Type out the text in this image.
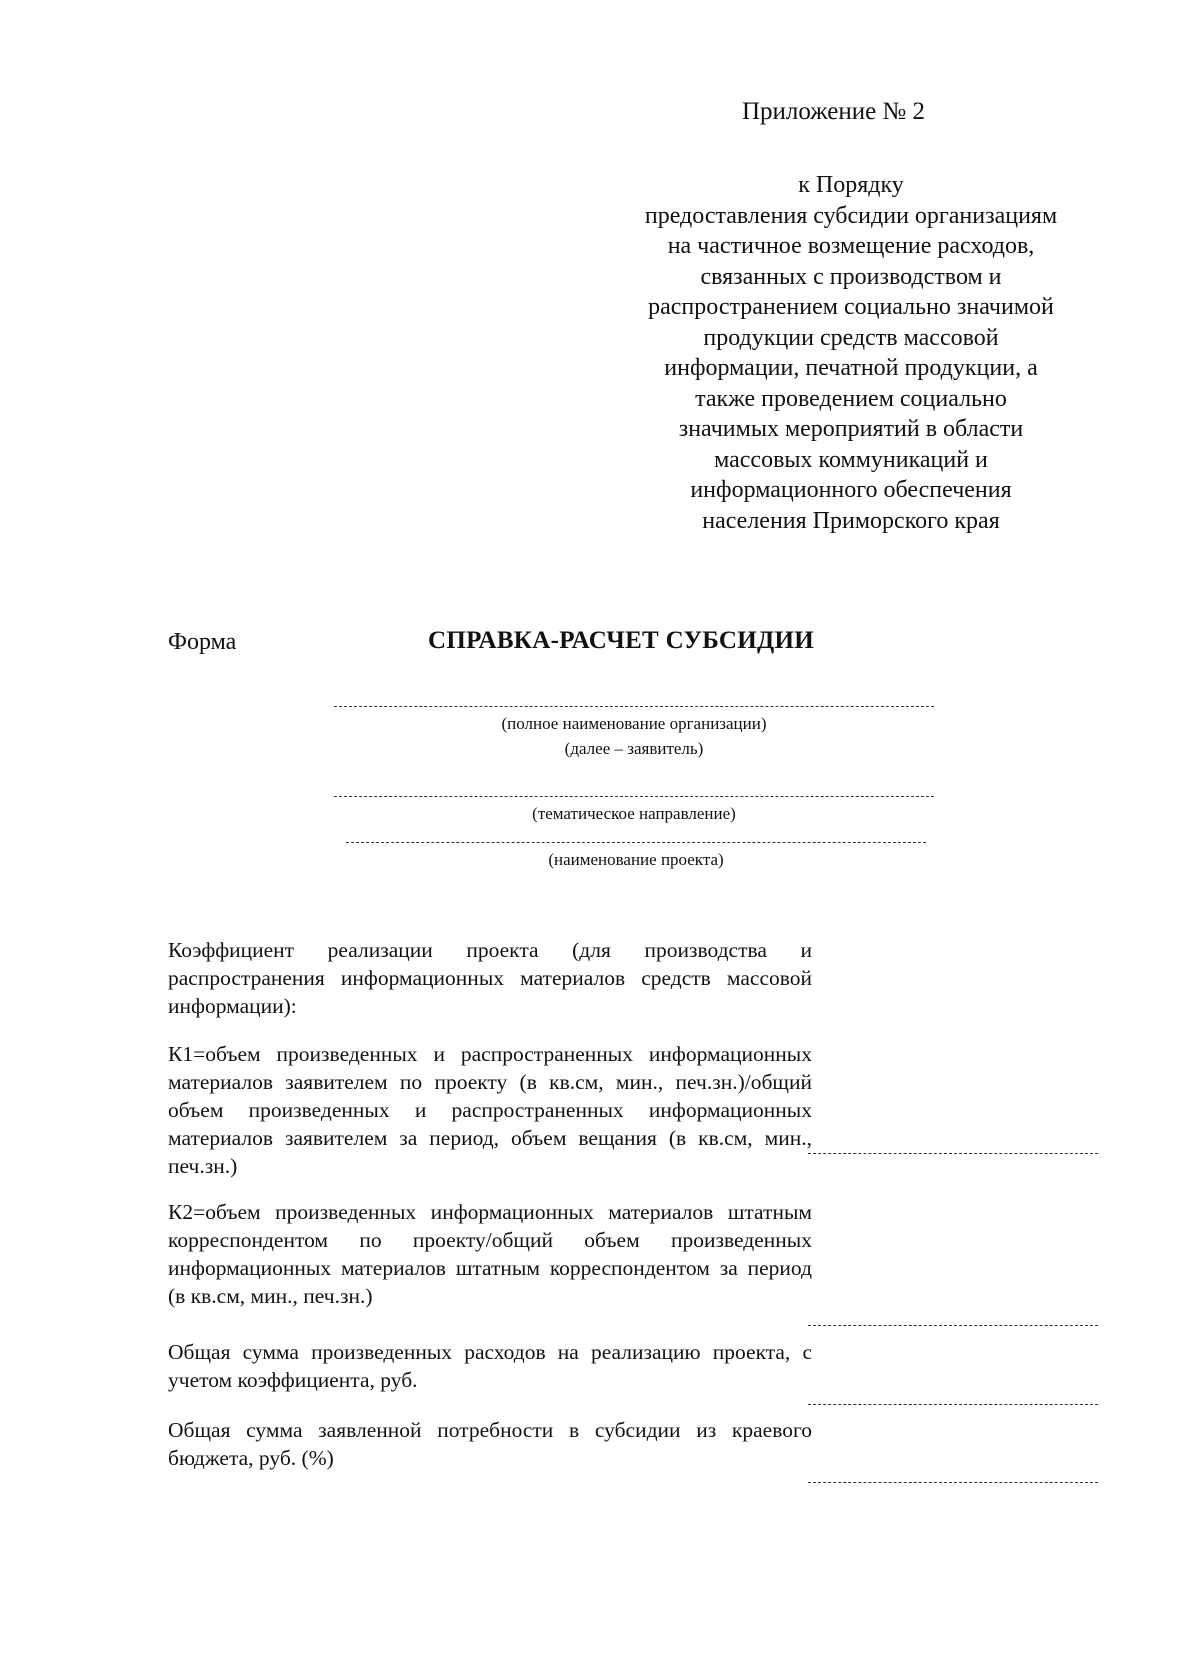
Приложение № 2
к Порядку
предоставления субсидии организациям
на частичное возмещение расходов,
связанных с производством и
распространением социально значимой
продукции средств массовой
информации, печатной продукции, а
также проведением социально
значимых мероприятий в области
массовых коммуникаций и
информационного обеспечения
населения Приморского края
Форма	СПРАВКА-РАСЧЕТ СУБСИДИИ
(полное наименование организации)
(далее – заявитель)
(тематическое направление)
(наименование проекта)
Коэффициент реализации проекта (для производства и распространения информационных материалов средств массовой информации):
К1=объем произведенных и распространенных информационных материалов заявителем по проекту (в кв.см, мин., печ.зн.)/общий объем произведенных и распространенных информационных материалов заявителем за период, объем вещания (в кв.см, мин., печ.зн.)
К2=объем произведенных информационных материалов штатным корреспондентом по проекту/общий объем произведенных информационных материалов штатным корреспондентом за период (в кв.см, мин., печ.зн.)
Общая сумма произведенных расходов на реализацию проекта, с учетом коэффициента, руб.
Общая сумма заявленной потребности в субсидии из краевого бюджета, руб. (%)
